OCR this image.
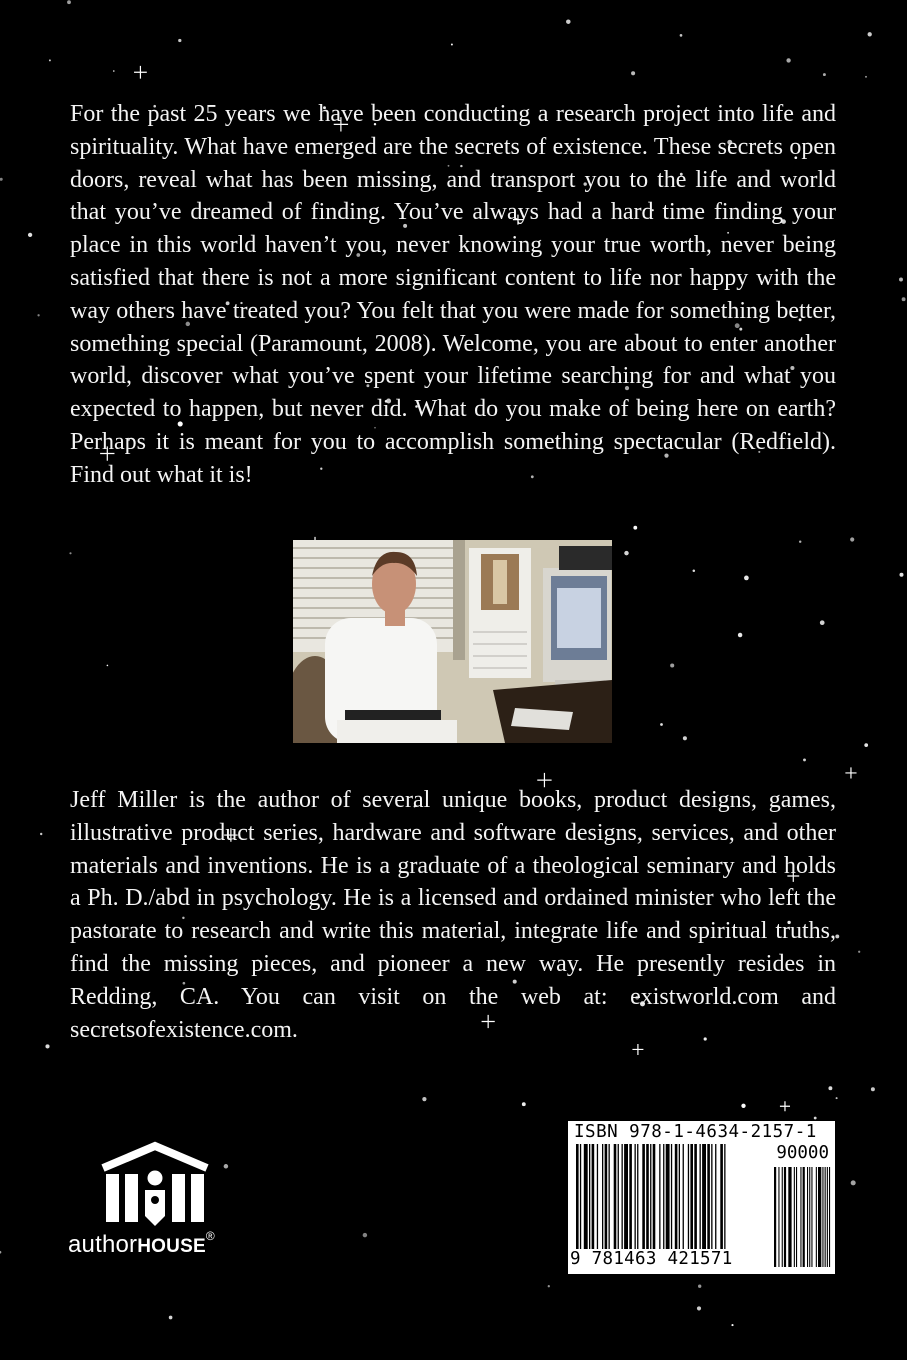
For the past 25 years we have been conducting a research project into life and spirituality. What have emerged are the secrets of existence. These secrets open doors, reveal what has been missing, and transport you to the life and world that you’ve dreamed of finding. You’ve always had a hard time finding your place in this world haven’t you, never knowing your true worth, never being satisfied that there is not a more significant content to life nor happy with the way others have treated you? You felt that you were made for something better, something special (Paramount, 2008). Welcome, you are about to enter another world, discover what you’ve spent your lifetime searching for and what you expected to happen, but never did. What do you make of being here on earth? Perhaps it is meant for you to accomplish something spectacular (Redfield). Find out what it is!

Jeff Miller is the author of several unique books, product designs, games, illustrative product series, hardware and software designs, services, and other materials and inventions. He is a graduate of a theological seminary and holds a Ph. D./abd in psychology. He is a licensed and ordained minister who left the pastorate to research and write this material, integrate life and spiritual truths, find the missing pieces, and pioneer a new way. He presently resides in Redding, CA. You can visit on the web at: existworld.com and secretsofexistence.com.

authorHOUSE®
ISBN 978-1-4634-2157-1
90000
9 781463 421571
